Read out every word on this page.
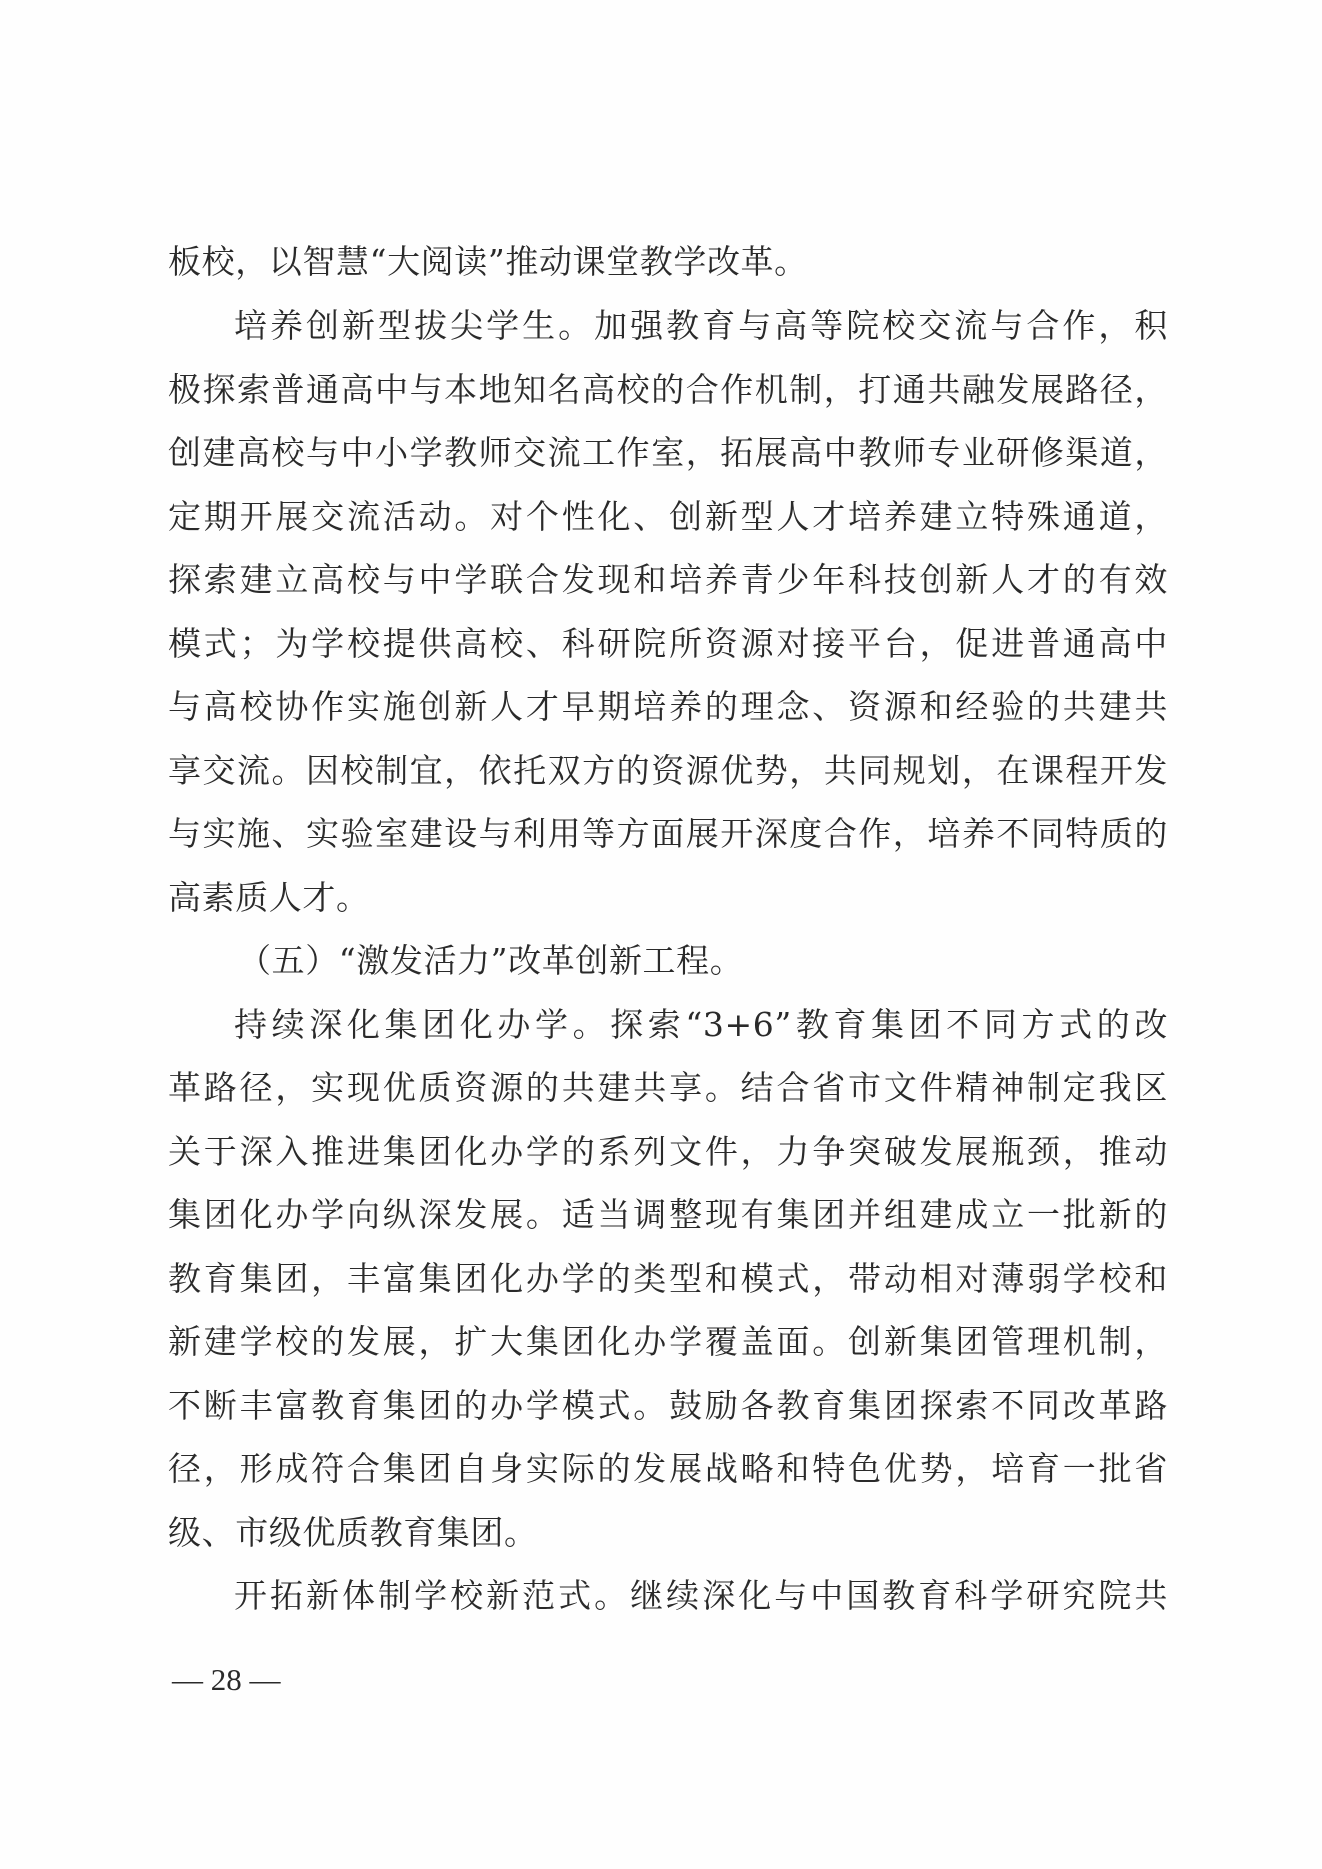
板校，以智慧“大阅读”推动课堂教学改革。
培养创新型拔尖学生。加强教育与高等院校交流与合作，积
极探索普通高中与本地知名高校的合作机制，打通共融发展路径，
创建高校与中小学教师交流工作室，拓展高中教师专业研修渠道，
定期开展交流活动。对个性化、创新型人才培养建立特殊通道，
探索建立高校与中学联合发现和培养青少年科技创新人才的有效
模式；为学校提供高校、科研院所资源对接平台，促进普通高中
与高校协作实施创新人才早期培养的理念、资源和经验的共建共
享交流。因校制宜，依托双方的资源优势，共同规划，在课程开发
与实施、实验室建设与利用等方面展开深度合作，培养不同特质的
高素质人才。
（五）“激发活力”改革创新工程。
持续深化集团化办学。探索“3+6”教育集团不同方式的改
革路径，实现优质资源的共建共享。结合省市文件精神制定我区
关于深入推进集团化办学的系列文件，力争突破发展瓶颈，推动
集团化办学向纵深发展。适当调整现有集团并组建成立一批新的
教育集团，丰富集团化办学的类型和模式，带动相对薄弱学校和
新建学校的发展，扩大集团化办学覆盖面。创新集团管理机制，
不断丰富教育集团的办学模式。鼓励各教育集团探索不同改革路
径，形成符合集团自身实际的发展战略和特色优势，培育一批省
级、市级优质教育集团。
开拓新体制学校新范式。继续深化与中国教育科学研究院共
— 28 —
